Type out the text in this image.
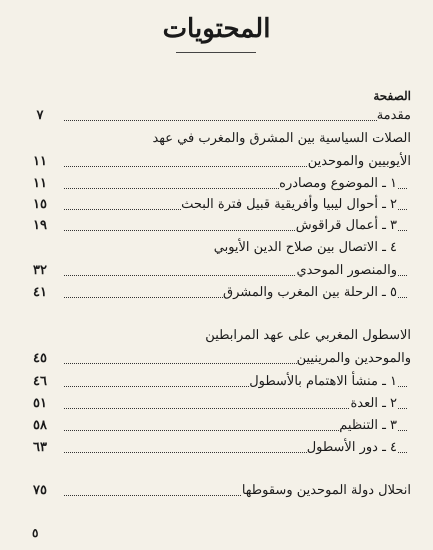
المحتويات
الصفحة
مقدمة
٧
الصلات السياسية بين المشرق والمغرب في عهد
الأيوبيين والموحدين
١١
١ ـ الموضوع ومصادره
١١
٢ ـ أحوال ليبيا وأفريقية قبيل فترة البحث
١٥
٣ ـ أعمال قراقوش
١٩
٤ ـ الاتصال بين صلاح الدين الأيوبي
والمنصور الموحدي
٣٢
٥ ـ الرحلة بين المغرب والمشرق
٤١
الاسطول المغربي على عهد المرابطين
والموحدين والمرينيين
٤٥
١ ـ منشأ الاهتمام بالأسطول
٤٦
٢ ـ العدة
٥١
٣ ـ التنظيم
٥٨
٤ ـ دور الأسطول
٦٣
انحلال دولة الموحدين وسقوطها
٧٥
٥
